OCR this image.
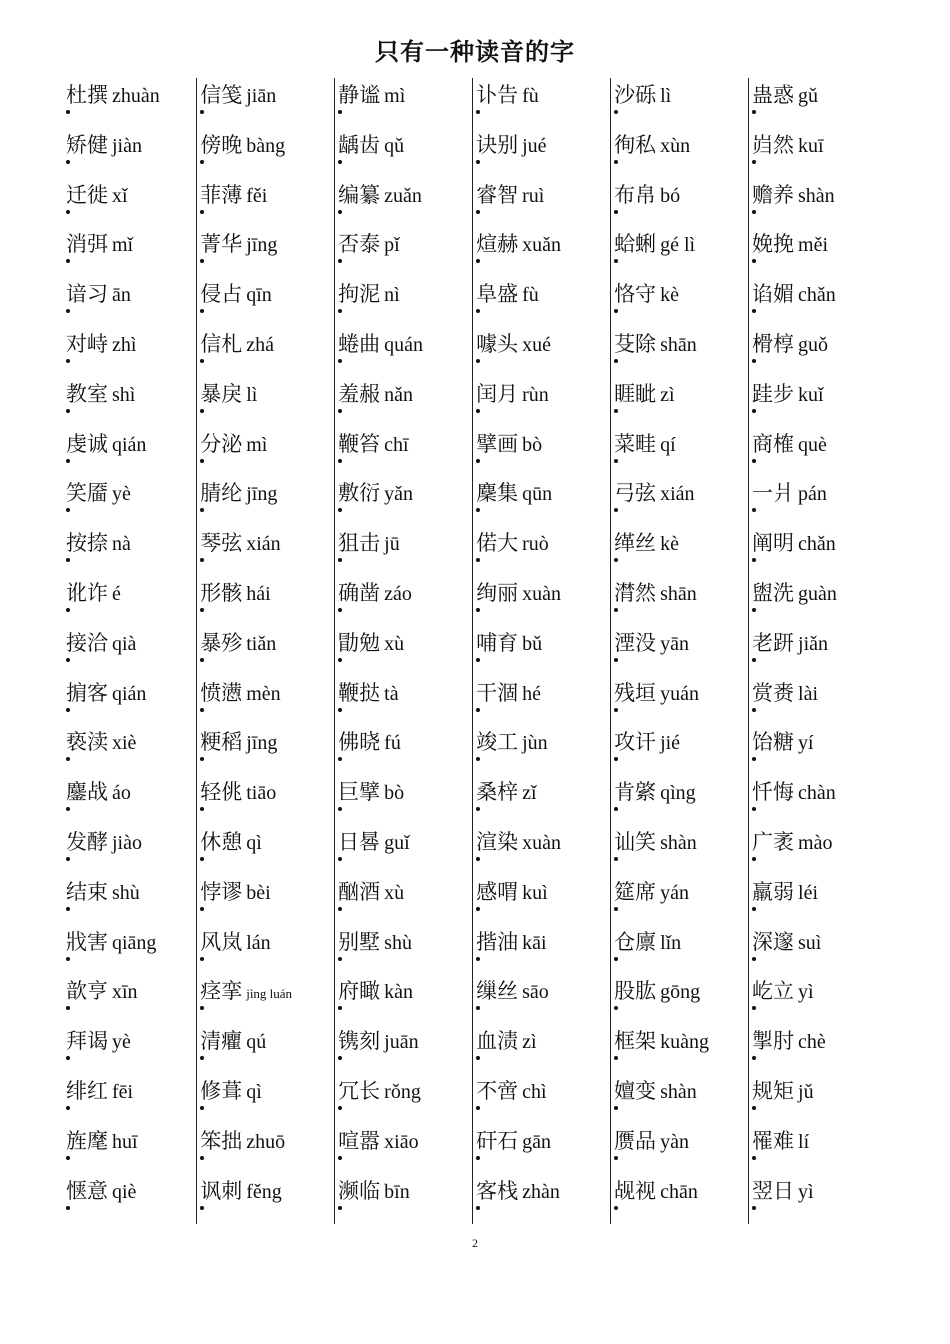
只有一种读音的字
杜撰 zhuàn
矫健 jiàn
迁徙 xǐ
消弭 mǐ
谙习 ān
对峙 zhì
教室 shì
虔诚 qián
笑靥 yè
按捺 nà
讹诈 é
接洽 qià
掮客 qián
亵渎 xiè
鏖战 áo
发酵 jiào
结束 shù
戕害 qiāng
歆亨 xīn
拜谒 yè
绯红 fēi
旌麾 huī
惬意 qiè
信笺 jiān
傍晚 bàng
菲薄 fěi
菁华 jīng
侵占 qīn
信札 zhá
暴戾 lì
分泌 mì
腈纶 jīng
琴弦 xián
形骸 hái
暴殄 tiǎn
愤懑 mèn
粳稻 jīng
轻佻 tiāo
休憩 qì
悖谬 bèi
风岚 lán
痉挛 jìng luán
清癯 qú
修葺 qì
笨拙 zhuō
讽刺 fěng
静谧 mì
龋齿 qǔ
编纂 zuǎn
否泰 pǐ
拘泥 nì
蜷曲 quán
羞赧 nǎn
鞭笞 chī
敷衍 yǎn
狙击 jū
确凿 záo
勖勉 xù
鞭挞 tà
佛晓 fú
巨擘 bò
日晷 guǐ
酗酒 xù
别墅 shù
府瞰 kàn
镌刻 juān
冗长 rǒng
喧嚣 xiāo
濒临 bīn
讣告 fù
诀别 jué
睿智 ruì
煊赫 xuǎn
阜盛 fù
噱头 xué
闰月 rùn
擘画 bò
麇集 qūn
偌大 ruò
绚丽 xuàn
哺育 bǔ
干涸 hé
竣工 jùn
桑梓 zǐ
渲染 xuàn
感喟 kuì
揩油 kāi
缫丝 sāo
血渍 zì
不啻 chì
矸石 gān
客栈 zhàn
沙砾 lì
徇私 xùn
布帛 bó
蛤蜊 gé lì
恪守 kè
芟除 shān
睚眦 zì
菜畦 qí
弓弦 xián
缂丝 kè
潸然 shān
湮没 yān
残垣 yuán
攻讦 jié
肯綮 qìng
讪笑 shàn
筵席 yán
仓廪 lǐn
股肱 gōng
框架 kuàng
嬗变 shàn
赝品 yàn
觇视 chān
蛊惑 gǔ
岿然 kuī
赡养 shàn
娩挽 měi
谄媚 chǎn
榾椁 guǒ
跬步 kuǐ
商榷 què
一爿 pán
阐明 chǎn
盥洗 guàn
老趼 jiǎn
赏赉 lài
饴糖 yí
忏悔 chàn
广袤 mào
羸弱 léi
深邃 suì
屹立 yì
掣肘 chè
规矩 jǔ
罹难 lí
翌日 yì
2
